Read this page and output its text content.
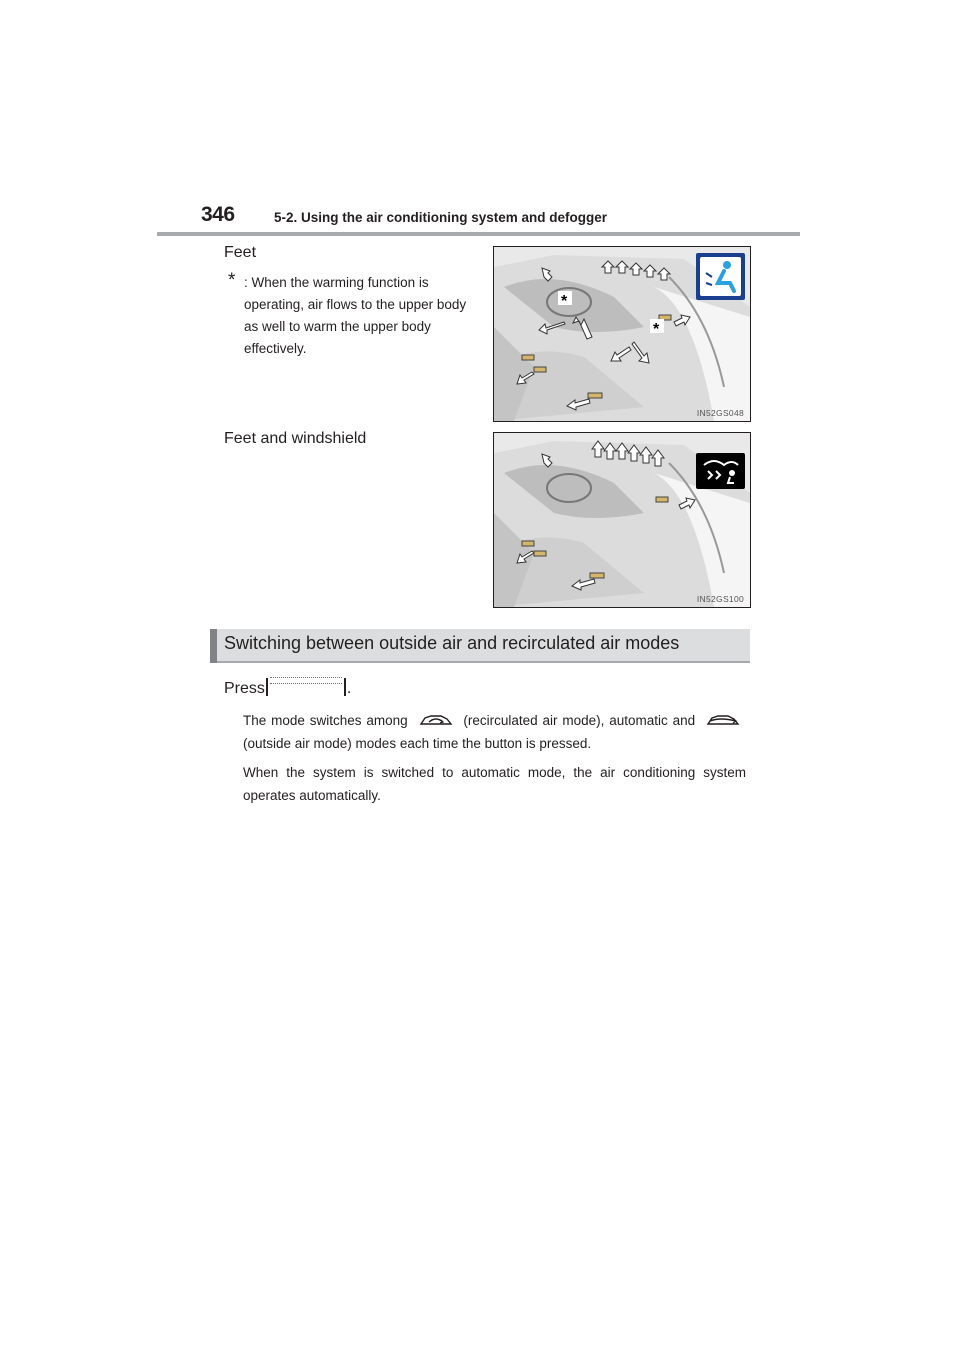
346	5-2. Using the air conditioning system and defogger
Feet
* : When the warming function is operating, air flows to the upper body as well to warm the upper body effectively.
*
*
IN52GS048
Feet and windshield
IN52GS100
Switching between outside air and recirculated air modes
Press	.
The mode switches among	(recirculated air mode), automatic and  (outside air mode) modes each time the button is pressed.
When the system is switched to automatic mode, the air conditioning system operates automatically.
